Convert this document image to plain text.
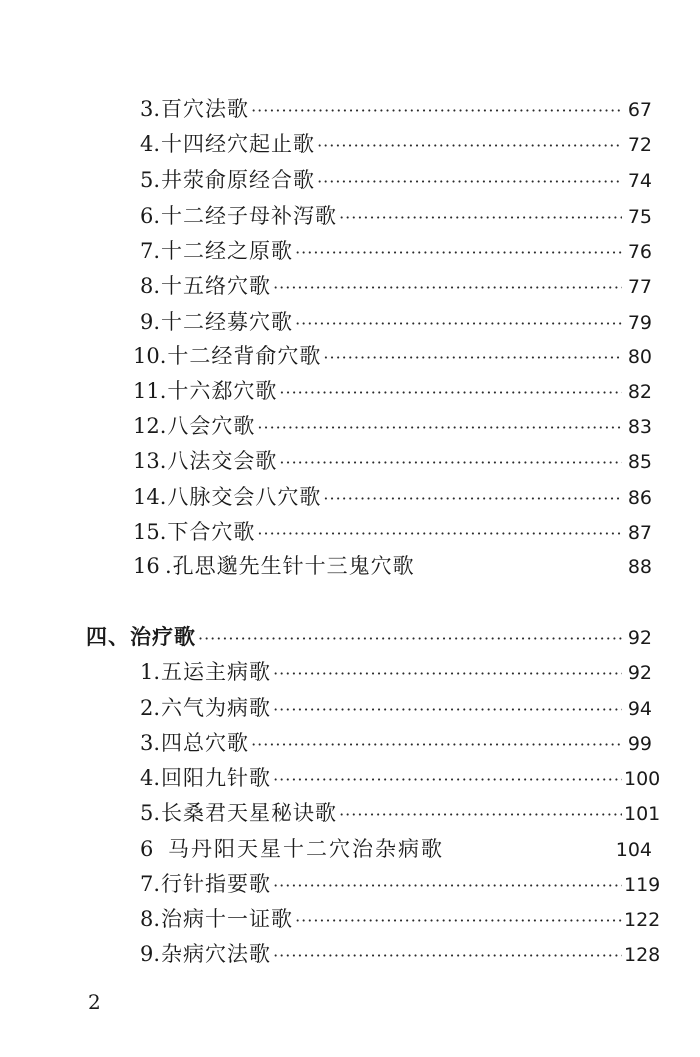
3 .百穴法歌 ·····	67
4 .十四经穴起止歌 ·····	72
5 .井荥俞原经合歌 ·····	74
6 .十二经子母补泻歌 ·····	75
7 .十二经之原歌 ·····	76
8 .十五络穴歌 ·····	77
9 .十二经募穴歌 ·····	79
10 .十二经背俞穴歌 ·····	80
11 .十六郄穴歌 ·····	82
12 .八会穴歌 ·····	83
13 .八法交会歌 ·····	85
14 .八脉交会八穴歌 ·····	86
15 .下合穴歌 ·····	87
16 .孔思邈先生针十三鬼穴歌	88
四、治疗歌 ·····	92
1 .五运主病歌 ·····	92
2 .六气为病歌 ·····	94
3 .四总穴歌 ·····	99
4 .回阳九针歌 ·····	100
5 .长桑君天星秘诀歌 ·····	101
6 马丹阳天星十二穴治杂病歌	104
7 .行针指要歌 ·····	119
8 .治病十一证歌 ·····	122
9 .杂病穴法歌 ·····	128
2
